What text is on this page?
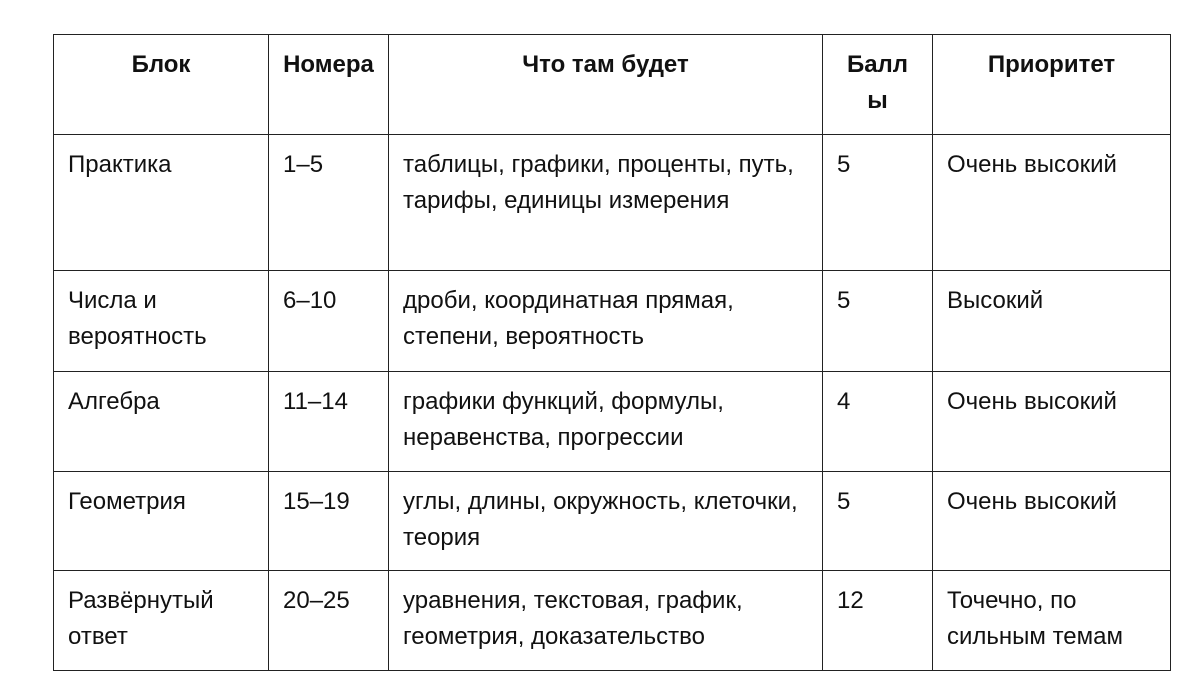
Блок	Номера	Что там будет	Баллы	Приоритет
Практика	1–5	таблицы, графики, проценты, путь, тарифы, единицы измерения	5	Очень высокий
Числа и вероятность	6–10	дроби, координатная прямая, степени, вероятность	5	Высокий
Алгебра	11–14	графики функций, формулы, неравенства, прогрессии	4	Очень высокий
Геометрия	15–19	углы, длины, окружность, клеточки, теория	5	Очень высокий
Развёрнутый ответ	20–25	уравнения, текстовая, график, геометрия, доказательство	12	Точечно, по сильным темам
